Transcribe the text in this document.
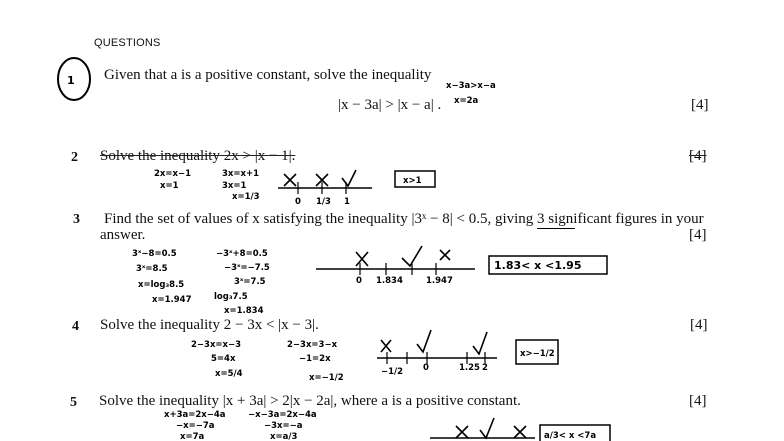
QUESTIONS
1 Given that a is a positive constant, solve the inequality
|x − 3a| > |x − a| .	[4]
x−3a>x−a
x=2a
2 Solve the inequality 2x > |x − 1|.	[4]
2x=x−1
x=1
3x=x+1
3x=1
x=1/3	0 1/3 1
x>1
3 Find the set of values of x satisfying the inequality |3ˣ − 8| < 0.5, giving 3 significant figures in your
answer.	[4]
3ˣ−8=0.5
3ˣ=8.5
x=log₃8.5
x=1.947
−3ˣ+8=0.5
−3ˣ=−7.5
3ˣ=7.5
log₃7.5
x=1.834
0 1.834	1.947
1.83< x <1.95
4 Solve the inequality 2 − 3x < |x − 3|.	[4]
2−3x=x−3
5=4x
x=5/4
2−3x=3−x
−1=2x
x=−1/2
−1/2 0	1.25 2
x>−1/2
5 Solve the inequality |x + 3a| > 2|x − 2a|, where a is a positive constant.	[4]
x+3a=2x−4a
−x=−7a
x=7a
−x−3a=2x−4a
−3x=−a
x=a/3	a/3< x <7a
